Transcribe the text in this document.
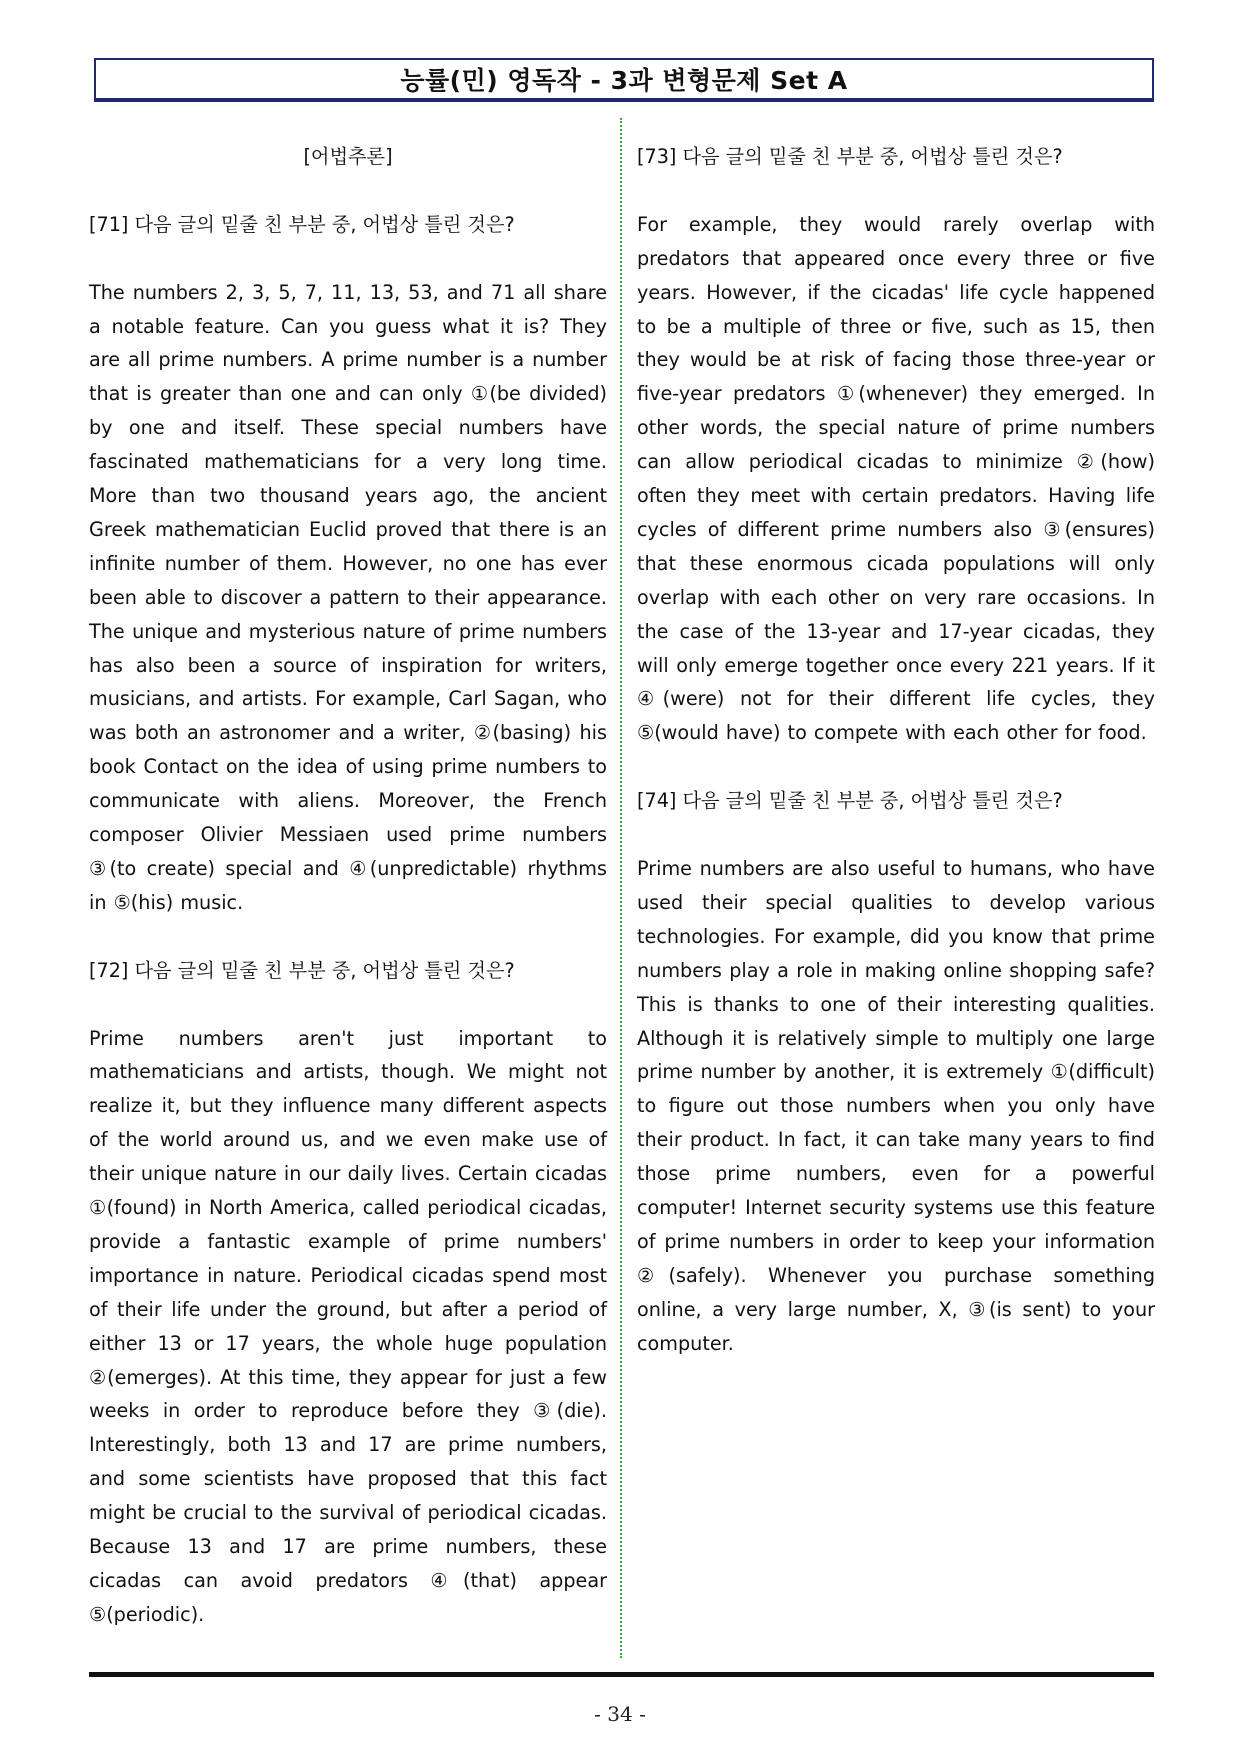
능률(민) 영독작 - 3과 변형문제 Set A
[어법추론]
[71] 다음 글의 밑줄 친 부분 중, 어법상 틀린 것은?
The numbers 2, 3, 5, 7, 11, 13, 53, and 71 all share a notable feature. Can you guess what it is? They are all prime numbers. A prime number is a number that is greater than one and can only ①(be divided) by one and itself. These special numbers have fascinated mathematicians for a very long time. More than two thousand years ago, the ancient Greek mathematician Euclid proved that there is an infinite number of them. However, no one has ever been able to discover a pattern to their appearance. The unique and mysterious nature of prime numbers has also been a source of inspiration for writers, musicians, and artists. For example, Carl Sagan, who was both an astronomer and a writer, ②(basing) his book Contact on the idea of using prime numbers to communicate with aliens. Moreover, the French composer Olivier Messiaen used prime numbers ③(to create) special and ④(unpredictable) rhythms in ⑤(his) music.
[72] 다음 글의 밑줄 친 부분 중, 어법상 틀린 것은?
Prime numbers aren't just important to mathematicians and artists, though. We might not realize it, but they influence many different aspects of the world around us, and we even make use of their unique nature in our daily lives. Certain cicadas ①(found) in North America, called periodical cicadas, provide a fantastic example of prime numbers' importance in nature. Periodical cicadas spend most of their life under the ground, but after a period of either 13 or 17 years, the whole huge population ②(emerges). At this time, they appear for just a few weeks in order to reproduce before they ③(die). Interestingly, both 13 and 17 are prime numbers, and some scientists have proposed that this fact might be crucial to the survival of periodical cicadas. Because 13 and 17 are prime numbers, these cicadas can avoid predators ④(that) appear ⑤(periodic).
[73] 다음 글의 밑줄 친 부분 중, 어법상 틀린 것은?
For example, they would rarely overlap with predators that appeared once every three or five years. However, if the cicadas' life cycle happened to be a multiple of three or five, such as 15, then they would be at risk of facing those three-year or five-year predators ①(whenever) they emerged. In other words, the special nature of prime numbers can allow periodical cicadas to minimize ②(how) often they meet with certain predators. Having life cycles of different prime numbers also ③(ensures) that these enormous cicada populations will only overlap with each other on very rare occasions. In the case of the 13-year and 17-year cicadas, they will only emerge together once every 221 years. If it ④(were) not for their different life cycles, they ⑤(would have) to compete with each other for food.
[74] 다음 글의 밑줄 친 부분 중, 어법상 틀린 것은?
Prime numbers are also useful to humans, who have used their special qualities to develop various technologies. For example, did you know that prime numbers play a role in making online shopping safe? This is thanks to one of their interesting qualities. Although it is relatively simple to multiply one large prime number by another, it is extremely ①(difficult) to figure out those numbers when you only have their product. In fact, it can take many years to find those prime numbers, even for a powerful computer! Internet security systems use this feature of prime numbers in order to keep your information ②(safely). Whenever you purchase something online, a very large number, X, ③(is sent) to your computer.
- 34 -
